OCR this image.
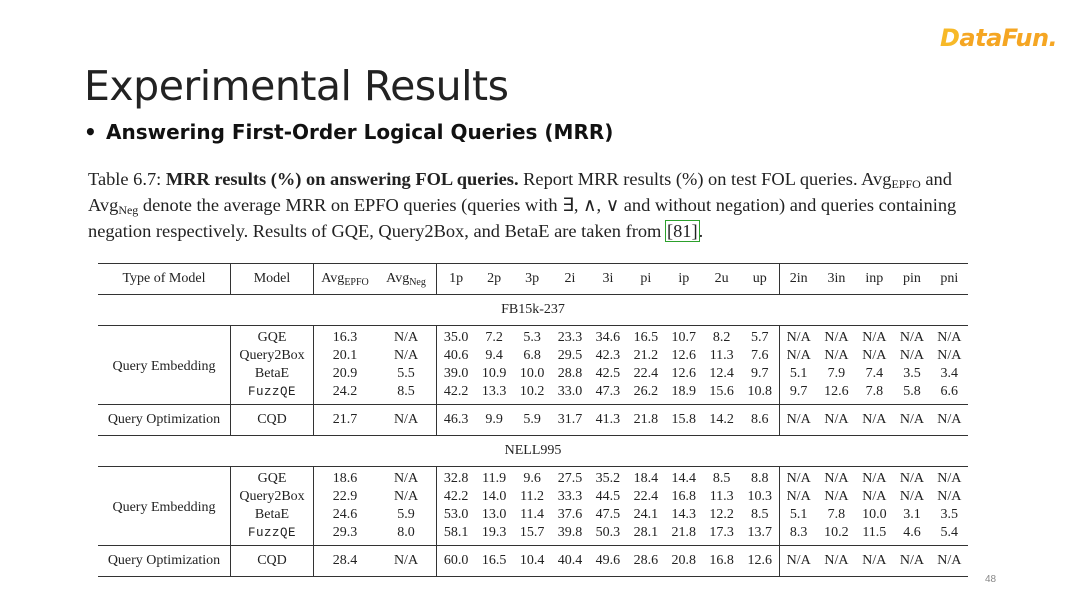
DataFun.
Experimental Results
• Answering First-Order Logical Queries (MRR)
Table 6.7: MRR results (%) on answering FOL queries. Report MRR results (%) on test FOL queries. Avg$_{EPFO}$ and Avg$_{Neg}$ denote the average MRR on EPFO queries (queries with ∃, ∧, ∨ and without negation) and queries containing negation respectively. Results of GQE, Query2Box, and BetaE are taken from [81].
Type of Model	Model	Avg$_{EPFO}$	Avg$_{Neg}$	1p	2p	3p	2i	3i	pi	ip	2u	up	2in	3in	inp	pin	pni
FB15k-237																	
Query Embedding	GQE	16.3	N/A	35.0	7.2	5.3	23.3	34.6	16.5	10.7	8.2	5.7	N/A	N/A	N/A	N/A	N/A
	Query2Box	20.1	N/A	40.6	9.4	6.8	29.5	42.3	21.2	12.6	11.3	7.6	N/A	N/A	N/A	N/A	N/A
	BetaE	20.9	5.5	39.0	10.9	10.0	28.8	42.5	22.4	12.6	12.4	9.7	5.1	7.9	7.4	3.5	3.4
	FuzzQE	24.2	8.5	42.2	13.3	10.2	33.0	47.3	26.2	18.9	15.6	10.8	9.7	12.6	7.8	5.8	6.6
Query Optimization	CQD	21.7	N/A	46.3	9.9	5.9	31.7	41.3	21.8	15.8	14.2	8.6	N/A	N/A	N/A	N/A	N/A
NELL995																	
Query Embedding	GQE	18.6	N/A	32.8	11.9	9.6	27.5	35.2	18.4	14.4	8.5	8.8	N/A	N/A	N/A	N/A	N/A
	Query2Box	22.9	N/A	42.2	14.0	11.2	33.3	44.5	22.4	16.8	11.3	10.3	N/A	N/A	N/A	N/A	N/A
	BetaE	24.6	5.9	53.0	13.0	11.4	37.6	47.5	24.1	14.3	12.2	8.5	5.1	7.8	10.0	3.1	3.5
	FuzzQE	29.3	8.0	58.1	19.3	15.7	39.8	50.3	28.1	21.8	17.3	13.7	8.3	10.2	11.5	4.6	5.4
Query Optimization	CQD	28.4	N/A	60.0	16.5	10.4	40.4	49.6	28.6	20.8	16.8	12.6	N/A	N/A	N/A	N/A	N/A
48
